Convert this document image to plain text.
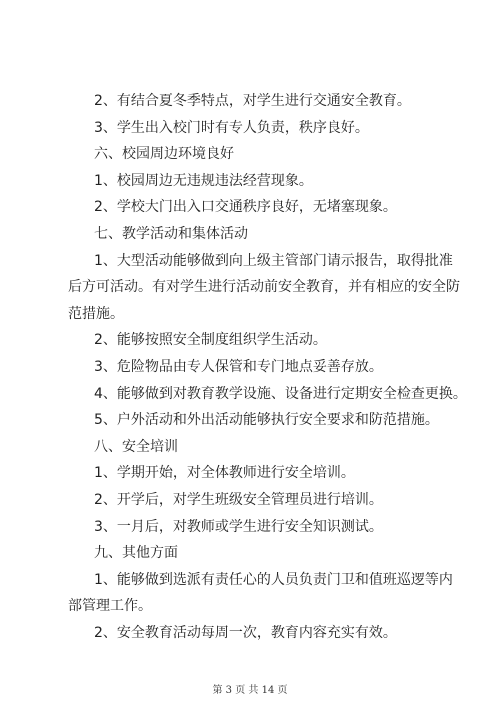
2、有结合夏冬季特点，对学生进行交通安全教育。
3、学生出入校门时有专人负责，秩序良好。
六、校园周边环境良好
1、校园周边无违规违法经营现象。
2、学校大门出入口交通秩序良好，无堵塞现象。
七、教学活动和集体活动
1、大型活动能够做到向上级主管部门请示报告，取得批准
后方可活动。有对学生进行活动前安全教育，并有相应的安全防
范措施。
2、能够按照安全制度组织学生活动。
3、危险物品由专人保管和专门地点妥善存放。
4、能够做到对教育教学设施、设备进行定期安全检查更换。
5、户外活动和外出活动能够执行安全要求和防范措施。
八、安全培训
1、学期开始，对全体教师进行安全培训。
2、开学后，对学生班级安全管理员进行培训。
3、一月后，对教师或学生进行安全知识测试。
九、其他方面
1、能够做到选派有责任心的人员负责门卫和值班巡逻等内
部管理工作。
2、安全教育活动每周一次，教育内容充实有效。
第 3 页 共 14 页
